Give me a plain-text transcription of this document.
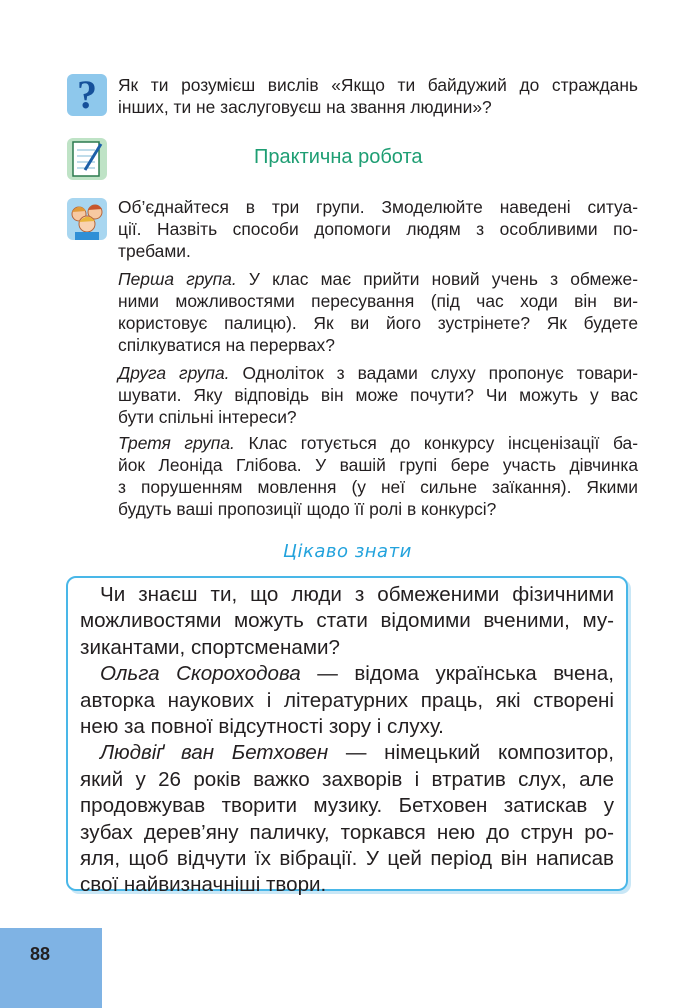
? Як ти розумієш вислів «Якщо ти байдужий до страждань
інших, ти не заслуговуєш на звання людини»?

Практична робота

Об’єднайтеся в три групи. Змоделюйте наведені ситуа-
ції. Назвіть способи допомоги людям з особливими по-
требами.

Перша група. У клас має прийти новий учень з обмеже-
ними можливостями пересування (під час ходи він ви-
користовує палицю). Як ви його зустрінете? Як будете
спілкуватися на перервах?

Друга група. Однолiток з вадами слуху пропонує товари-
шувати. Яку відповідь він може почути? Чи можуть у вас
бути спільні інтереси?

Третя група. Клас готується до конкурсу інсценізації ба-
йок Леоніда Глібова. У вашій групі бере участь дівчинка
з порушенням мовлення (у неї сильне заїкання). Якими
будуть ваші пропозиції щодо її ролі в конкурсі?

Цікаво знати
Чи знаєш ти, що люди з обмеженими фізичними
можливостями можуть стати відомими вченими, му-
зикантами, спортсменами?
Ольга Скороходова — відома українська вчена,
авторка наукових і літературних праць, які створені
нею за повної відсутності зору і слуху.
Людвіґ ван Бетховен — німецький композитор,
який у 26 років важко захворів і втратив слух, але
продовжував творити музику. Бетховен затискав у
зубах дерев’яну паличку, торкався нею до струн ро-
яля, щоб відчути їх вібрації. У цей період він написав
свої найвизначніші твори.
88
